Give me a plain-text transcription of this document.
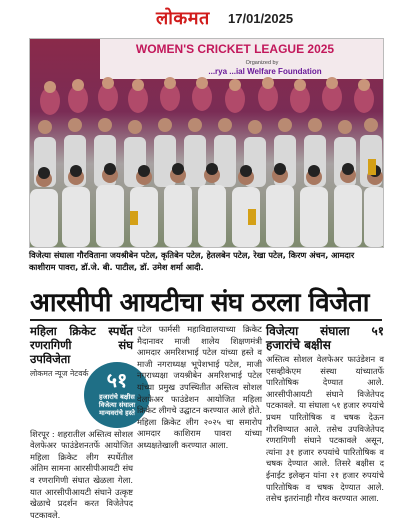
लोकमत 17/01/2025
WOMEN'S CRICKET LEAGUE 2025
Organized by
...rya ...ial Welfare Foundation
विजेत्या संघाला गौरविताना जयश्रीबेन पटेल, कृतिबेन पटेल, हेतलबेन पटेल, रेखा पटेल, किरण अंचन, आमदार काशीराम पावरा, डॉ.जे. बी. पाटील, डॉ. उमेश शर्मा आदी.
आरसीपी आयटीचा संघ ठरला विजेता
महिला क्रिकेट स्पर्धेत रणरागिणी संघ उपविजेता
लोकमत न्यूज नेटवर्क
शिरपूर : शहरातील अस्तित्व सोशल वेलफेअर फाउंडेशनतर्फे आयोजित महिला क्रिकेट लीग स्पर्धेतील अंतिम सामना आरसीपीआयटी संघ व रणरागिणी संघात खेळला गेला. यात आरसीपीआयटी संघाने उत्कृष्ट खेळाचे प्रदर्शन करत विजेतेपद पटकावले.
५१
हजारांचे बक्षीस विजेत्या संघाला मान्यवरांचे हस्ते
पटेल फार्मसी महाविद्यालयाच्या क्रिकेट मैदानावर माजी शालेय शिक्षणमंत्री आमदार अमरिशभाई पटेल यांच्या हस्ते व माजी नगराध्यक्ष भूपेशभाई पटेल, माजी नगराध्यक्षा जयश्रीबेन अमरिशभाई पटेल यांच्या प्रमुख उपस्थितीत अस्तित्व सोशल वेलफेअर फाउंडेशन आयोजित महिला क्रिकेट लीगचे उद्घाटन करण्यात आले होते. महिला क्रिकेट लीग २०२५ चा समारोप आमदार काशिराम पावरा यांच्या अध्यक्षतेखाली करण्यात आला.
विजेत्या संघाला ५१ हजारांचे बक्षीस
अस्तित्व सोशल वेलफेअर फाउंडेशन व एसव्हीकेएम संस्था यांच्यातर्फे पारितोषिक देण्यात आले. आरसीपीआयटी संघाने विजेतेपद पटकावले. या संघाला ५१ हजार रुपयांचे प्रथम पारितोषिक व चषक देऊन गौरविण्यात आले. तसेच उपविजेतेपद रणरागिणी संघाने पटकावले असून, त्यांना ३१ हजार रुपयांचे पारितोषिक व चषक देण्यात आले. तिसरे बक्षीस द ईनाईट इलेव्हन यांना २१ हजार रुपयांचे पारितोषिक व चषक देण्यात आले. तसेच इतरांनाही गौरव करण्यात आला.
